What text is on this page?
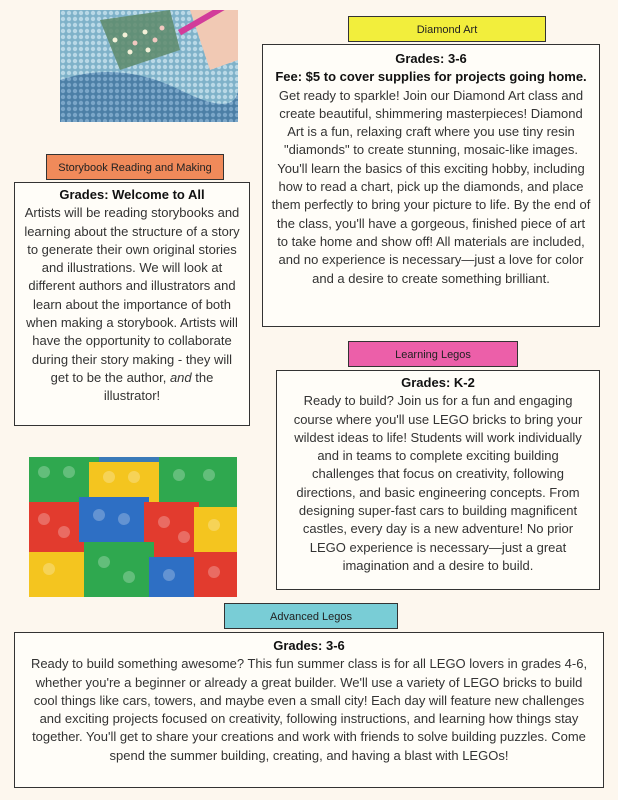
Diamond Art
Grades: 3-6
Fee: $5 to cover supplies for projects going home.
Get ready to sparkle! Join our Diamond Art class and create beautiful, shimmering masterpieces! Diamond Art is a fun, relaxing craft where you use tiny resin "diamonds" to create stunning, mosaic-like images. You'll learn the basics of this exciting hobby, including how to read a chart, pick up the diamonds, and place them perfectly to bring your picture to life. By the end of the class, you'll have a gorgeous, finished piece of art to take home and show off! All materials are included, and no experience is necessary—just a love for color and a desire to create something brilliant.
Storybook Reading and Making
Grades: Welcome to All
Artists will be reading storybooks and learning about the structure of a story to generate their own original stories and illustrations. We will look at different authors and illustrators and learn about the importance of both when making a storybook. Artists will have the opportunity to collaborate during their story making - they will get to be the author, and the illustrator!
Learning Legos
Grades: K-2
Ready to build? Join us for a fun and engaging course where you'll use LEGO bricks to bring your wildest ideas to life! Students will work individually and in teams to complete exciting building challenges that focus on creativity, following directions, and basic engineering concepts. From designing super-fast cars to building magnificent castles, every day is a new adventure! No prior LEGO experience is necessary—just a great imagination and a desire to build.
Advanced Legos
Grades: 3-6
Ready to build something awesome? This fun summer class is for all LEGO lovers in grades 4-6, whether you're a beginner or already a great builder. We'll use a variety of LEGO bricks to build cool things like cars, towers, and maybe even a small city! Each day will feature new challenges and exciting projects focused on creativity, following instructions, and learning how things stay together. You'll get to share your creations and work with friends to solve building puzzles. Come spend the summer building, creating, and having a blast with LEGOs!
